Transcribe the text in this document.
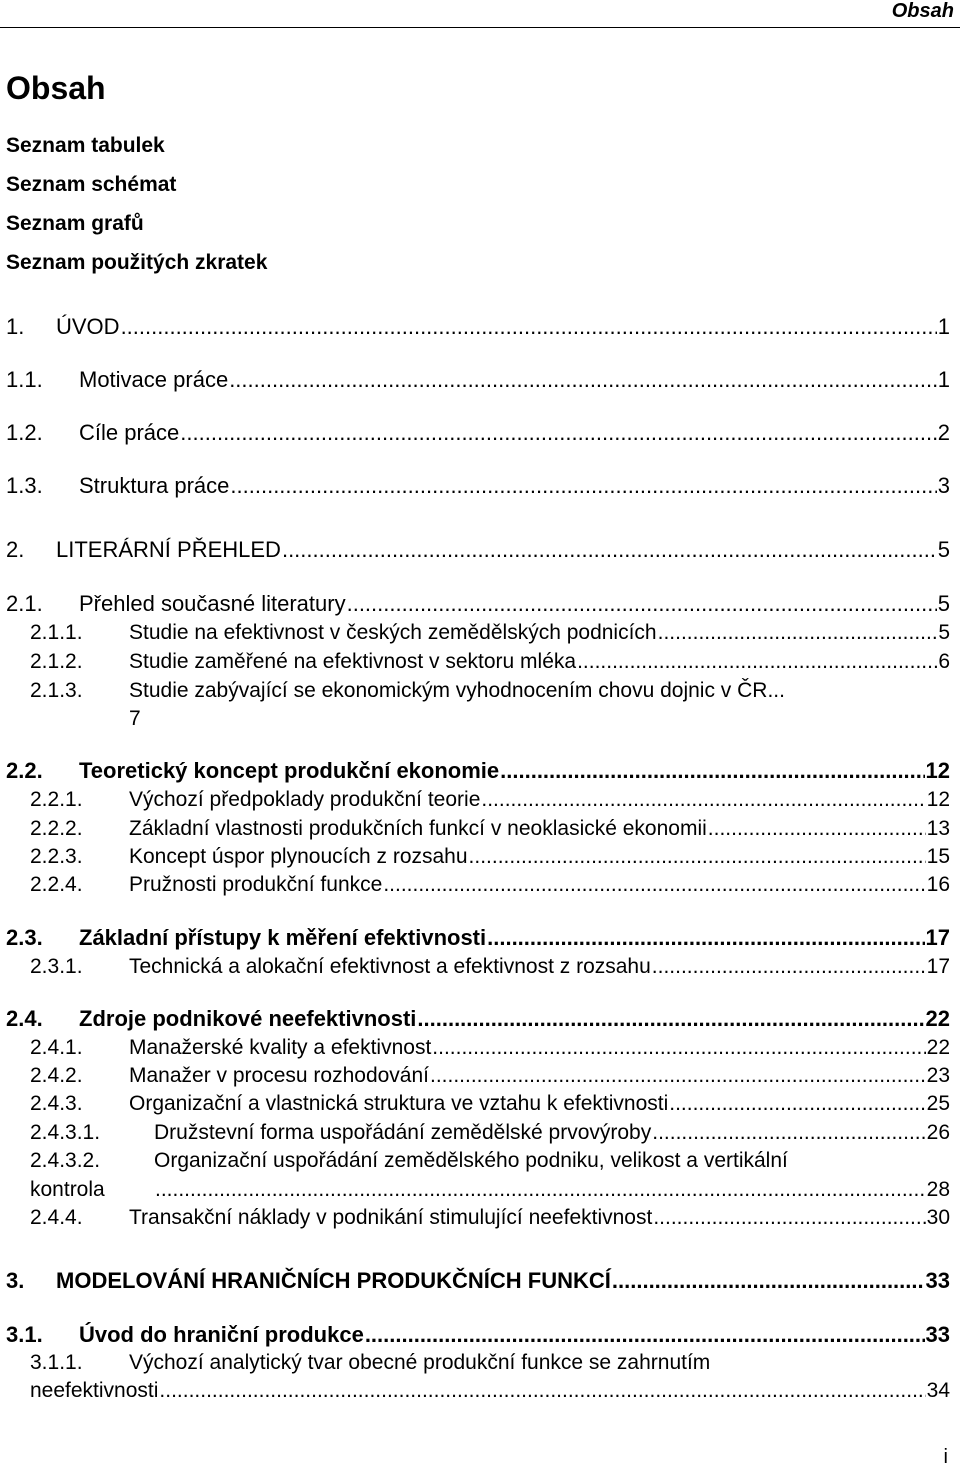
Obsah
Obsah
Seznam tabulek
Seznam schémat
Seznam grafů
Seznam použitých zkratek
1.	ÚVOD .....	1
1.1.	Motivace práce .....	1
1.2.	Cíle práce .....	2
1.3.	Struktura práce .....	3
2.	LITERÁRNÍ PŘEHLED .....	5
2.1.	Přehled současné literatury .....	5
2.1.1.	Studie na efektivnost v českých zemědělských podnicích .....	5
2.1.2.	Studie zaměřené na efektivnost v sektoru mléka .....	6
2.1.3.	Studie zabývající se ekonomickým vyhodnocením chovu dojnic v ČR ...
7
2.2.	Teoretický koncept produkční ekonomie .....	12
2.2.1.	Výchozí předpoklady produkční teorie .....	12
2.2.2.	Základní vlastnosti produkčních funkcí v neoklasické ekonomii .....	13
2.2.3.	Koncept úspor plynoucích z rozsahu .....	15
2.2.4.	Pružnosti produkční funkce .....	16
2.3.	Základní přístupy k měření efektivnosti .....	17
2.3.1.	Technická a alokační efektivnost a efektivnost z rozsahu .....	17
2.4.	Zdroje podnikové neefektivnosti .....	22
2.4.1.	Manažerské kvality a efektivnost .....	22
2.4.2.	Manažer v procesu rozhodování .....	23
2.4.3.	Organizační a vlastnická struktura ve vztahu k efektivnosti .....	25
2.4.3.1.	Družstevní forma uspořádání zemědělské prvovýroby .....	26
2.4.3.2.	Organizační uspořádání zemědělského podniku, velikost a vertikální
kontrola .....	28
2.4.4.	Transakční náklady v podnikání stimulující neefektivnost .....	30
3.	MODELOVÁNÍ HRANIČNÍCH PRODUKČNÍCH FUNKCÍ .....	33
3.1.	Úvod do hraniční produkce .....	33
3.1.1.	Výchozí analytický tvar obecné produkční funkce se zahrnutím
neefektivnosti .....	34
i
